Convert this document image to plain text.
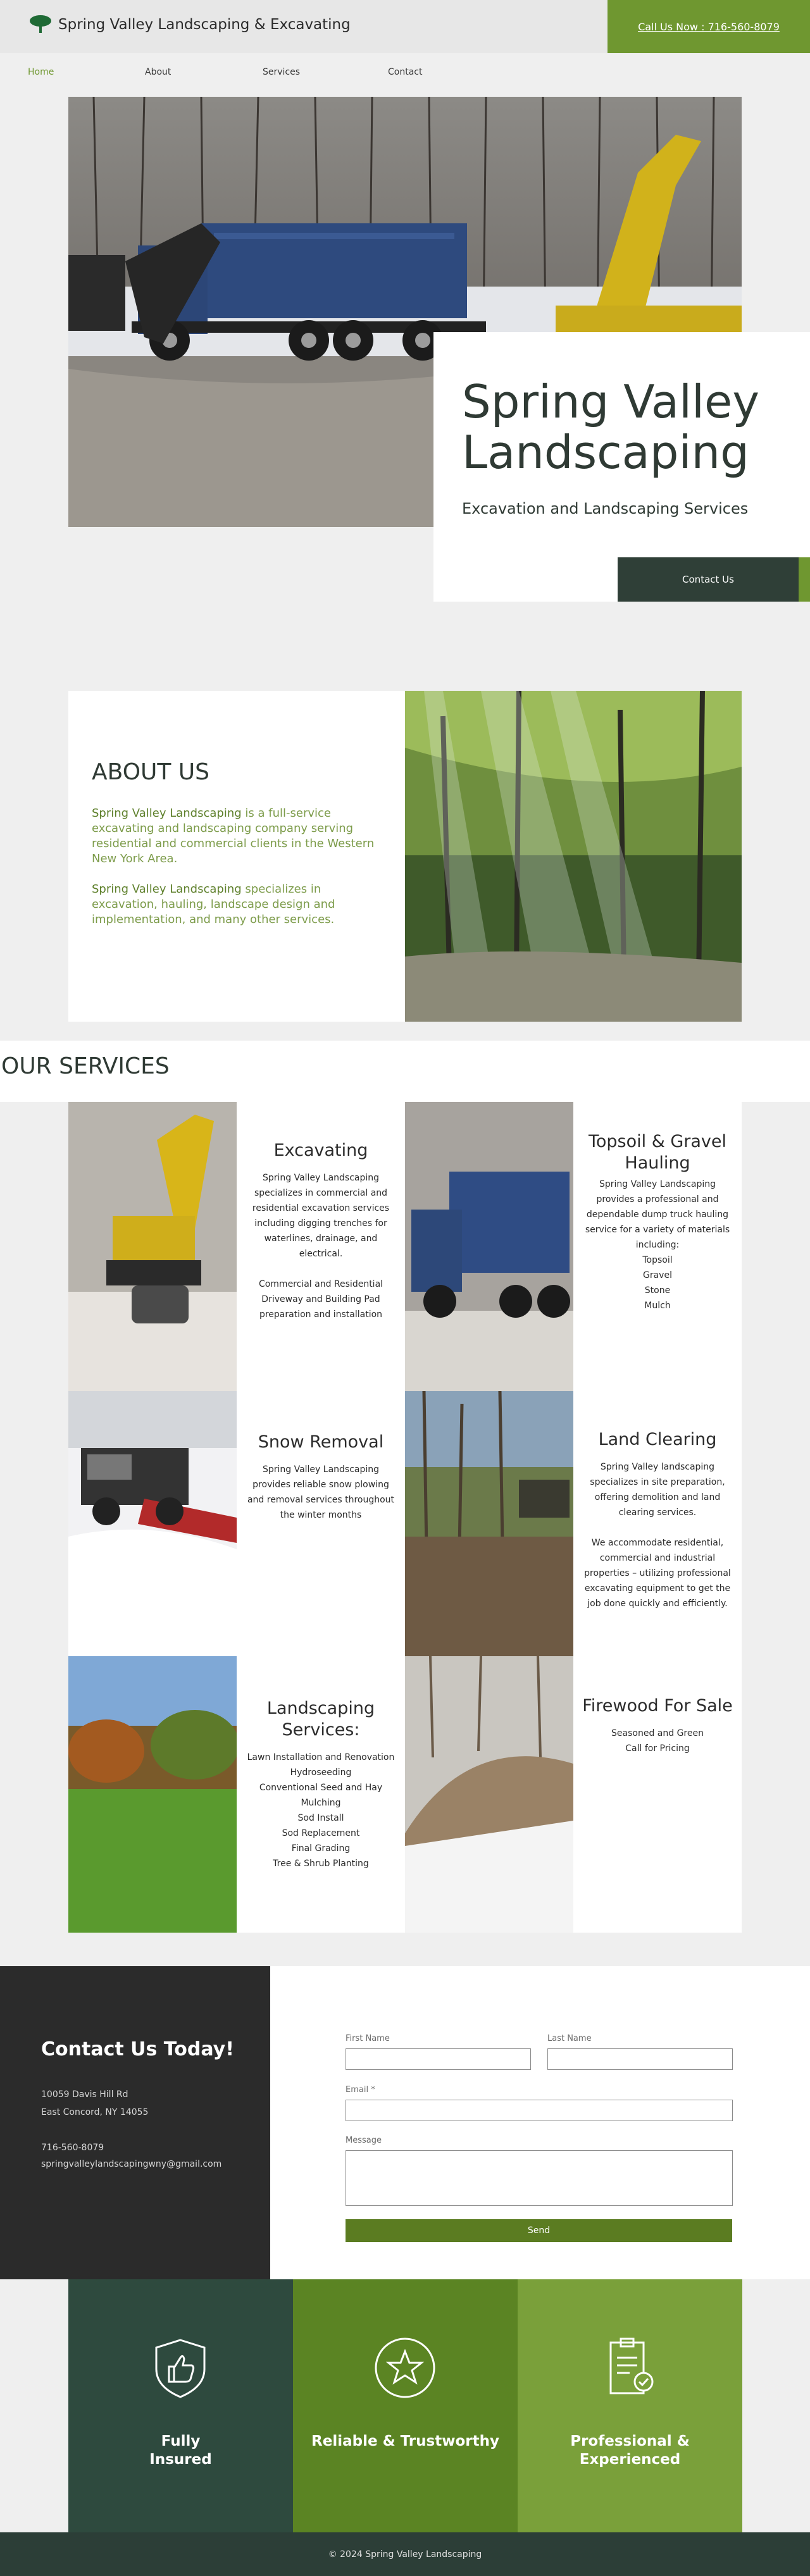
Spring Valley Landscaping & Excavating	Call Us Now : 716-560-8079
Home	About	Services	Contact
Spring Valley Landscaping
Excavation and Landscaping Services
Contact Us
ABOUT US
Spring Valley Landscaping is a full-service excavating and landscaping company serving residential and commercial clients in the Western New York Area.
Spring Valley Landscaping specializes in excavation, hauling, landscape design and implementation, and many other services.
OUR SERVICES

Excavating

Spring Valley Landscaping specializes in commercial and residential excavation services including digging trenches for waterlines, drainage, and electrical.

Commercial and Residential Driveway and Building Pad preparation and installation

Topsoil & Gravel Hauling

Spring Valley Landscaping provides a professional and dependable dump truck hauling service for a variety of materials including:
Topsoil
Gravel
Stone
Mulch

Snow Removal

Spring Valley Landscaping provides reliable snow plowing and removal services throughout the winter months

Land Clearing

Spring Valley landscaping specializes in site preparation, offering demolition and land clearing services.

We accommodate residential, commercial and industrial properties – utilizing professional excavating equipment to get the job done quickly and efficiently.

Landscaping Services:

Lawn Installation and Renovation
Hydroseeding
Conventional Seed and Hay
Mulching
Sod Install
Sod Replacement
Final Grading
Tree & Shrub Planting

Firewood For Sale

Seasoned and Green
Call for Pricing
Contact Us Today!
10059 Davis Hill Rd
East Concord, NY 14055
716-560-8079
springvalleylandscapingwny@gmail.com
First Name	Last Name
Email *
Message
Send
Fully
Insured
Reliable & Trustworthy	Professional &
Experienced
© 2024 Spring Valley Landscaping
